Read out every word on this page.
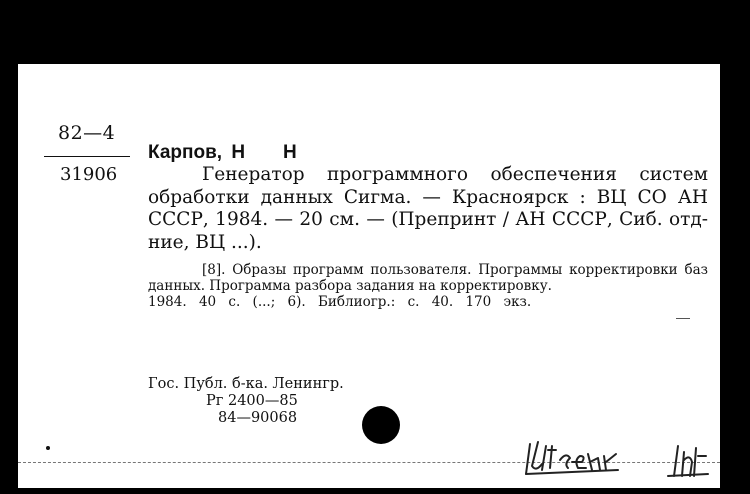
82—4
31906

Карпов, Н Н

Генератор программного обеспечения систем обработки данных Сигма. — Красноярск : ВЦ СО АН СССР, 1984. — 20 см. — (Препринт / АН СССР, Сиб. отд-ние, ВЦ ...).

[8]. Образы программ пользователя. Программы корректировки баз данных. Программа разбора задания на корректировку.

1984. 40 с. (...; 6). Библиогр.: с. 40. 170 экз.

Гос. Публ. б-ка. Ленингр.
Рг 2400—85
84—90068
